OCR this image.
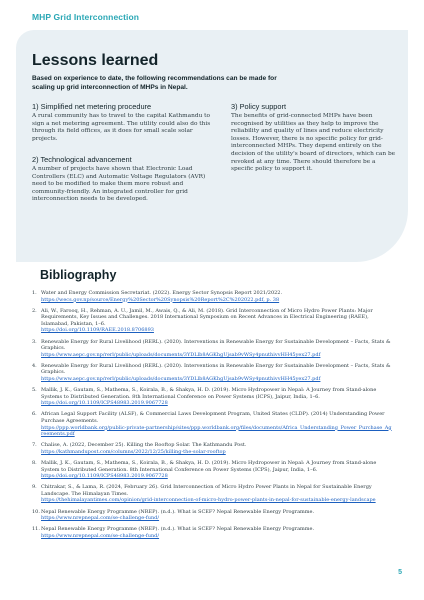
MHP Grid Interconnection
Lessons learned

Based on experience to date, the following recommendations can be made for scaling up grid interconnection of MHPs in Nepal.

1) Simplified net metering procedure

A rural community has to travel to the capital Kathmandu to sign a net metering agreement. The utility could also do this through its field offices, as it does for small scale solar projects.

2) Technological advancement

A number of projects have shown that Electronic Load Controllers (ELC) and Automatic Voltage Regulators (AVR) need to be modified to make them more robust and community-friendly. An integrated controller for grid interconnection needs to be developed.

3) Policy support

The benefits of grid-connected MHPs have been recognised by utilities as they help to improve the reliability and quality of lines and reduce electricity losses. However, there is no specific policy for grid-interconnected MHPs. They depend entirely on the decision of the utility's board of directors, which can be revoked at any time. There should therefore be a specific policy to support it.

Bibliography
1. Water and Energy Commission Secretariat. (2022). Energy Sector Synopsis Report 2021/2022.
https://wecs.gov.np/source/Energy%20Sector%20Synopsis%20Report%2C%202022.pdf, p. 38
2. Ali, W., Farooq, H., Rehman, A. U., Jamil, M., Awais, Q., & Ali, M. (2018). Grid Interconnection of Micro Hydro Power Plants: Major Requirements, Key Issues and Challenges. 2018 International Symposium on Recent Advances in Electrical Engineering (RAEE), Islamabad, Pakistan, 1–6.
https://doi.org/10.1109/RAEE.2018.8706893
3. Renewable Energy for Rural Livelihood (RERL). (2020). Interventions in Renewable Energy for Sustainable Development – Facts, Stats & Graphics.
https://www.aepc.gov.np/rerl/public/uploads/documents/3YDLlb8AGKhgUjsab9vWSy4pnuthivvHH45yex27.pdf
4. Renewable Energy for Rural Livelihood (RERL). (2020). Interventions in Renewable Energy for Sustainable Development – Facts, Stats & Graphics.
https://www.aepc.gov.np/rerl/public/uploads/documents/3YDLlb8AGKhgUjsab9vWSy4pnuthivvHH45yex27.pdf
5. Mallik, J. K., Gautam, S., Mathema, S., Koirala, B., & Shakya, H. D. (2019). Micro Hydropower in Nepal: A Journey from Stand-alone Systems to Distributed Generation. 8th International Conference on Power Systems (ICPS), Jaipur, India, 1–6.
https://doi.org/10.1109/ICPS48983.2019.9067728
6. African Legal Support Facility (ALSF), & Commercial Laws Development Program, United States (CLDP). (2014) Understanding Power Purchase Agreements.
https://ppp.worldbank.org/public-private-partnership/sites/ppp.worldbank.org/files/documents/Africa_Understanding_Power_Purchase_Agreements.pdf
7. Chalise, A. (2022, December 25). Killing the Rooftop Solar. The Kathmandu Post.
https://kathmandupost.com/columns/2022/12/25/killing-the-solar-rooftop
8. Mallik, J. K., Gautam, S., Mathema, S., Koirala, B., & Shakya, H. D. (2019). Micro Hydropower in Nepal: A Journey from Stand-alone System to Distributed Generation. 8th International Conference on Power Systems (ICPS), Jaipur, India, 1–6.
https://doi.org/10.1109/ICPS48983.2019.9067728
9. Chitrakar, S., & Lama, R. (2024, February 26). Grid Interconnection of Micro Hydro Power Plants in Nepal for Sustainable Energy Landscape. The Himalayan Times.
https://thehimalayantimes.com/opinion/grid-interconnection-of-micro-hydro-power-plants-in-nepal-for-sustainable-energy-landscape
10. Nepal Renewable Energy Programme (NREP). (n.d.). What is SCEF? Nepal Renewable Energy Programme.
https://www.nrepnepal.com/se-challenge-fund/
11. Nepal Renewable Energy Programme (NREP). (n.d.). What is SCEF? Nepal Renewable Energy Programme.
https://www.nrepnepal.com/se-challenge-fund/
5
